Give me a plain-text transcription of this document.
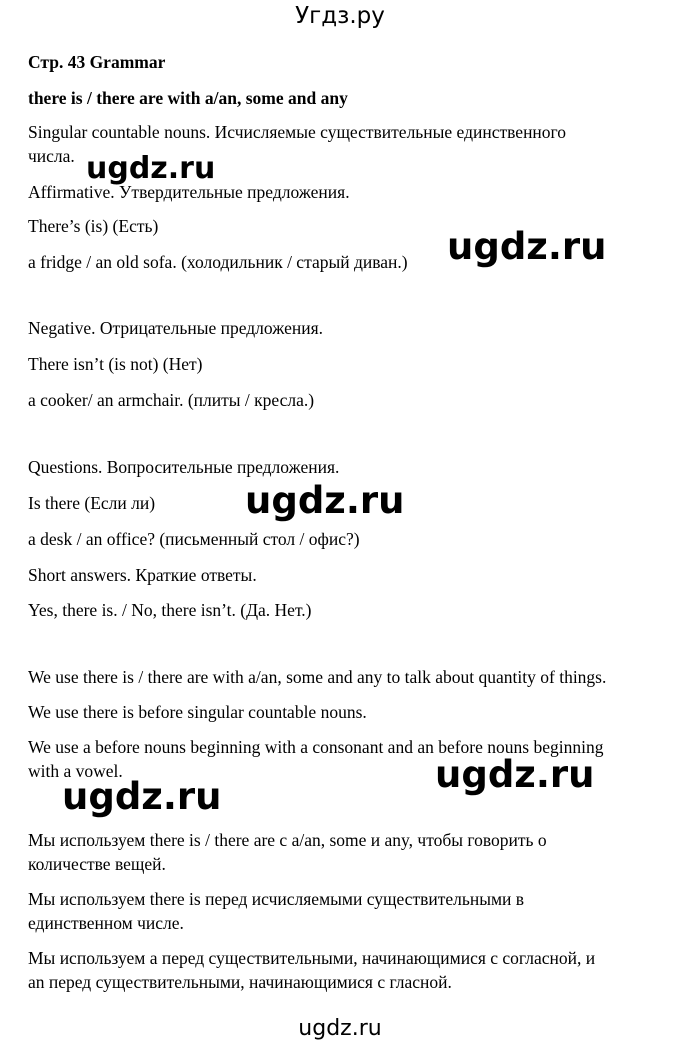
Угдз.ру
Стр. 43 Grammar
there is / there are with a/an, some and any
Singular countable nouns. Исчисляемые существительные единственного
числа.
Affirmative. Утвердительные предложения.
There’s (is) (Есть)
a fridge / an old sofa. (холодильник / старый диван.)
Negative. Отрицательные предложения.
There isn’t (is not) (Нет)
a cooker/ an armchair. (плиты / кресла.)
Questions. Вопросительные предложения.
Is there (Если ли)
a desk / an office? (письменный стол / офис?)
Short answers. Краткие ответы.
Yes, there is. / No, there isn’t. (Да. Нет.)
We use there is / there are with a/an, some and any to talk about quantity of things.
We use there is before singular countable nouns.
We use a before nouns beginning with a consonant and an before nouns beginning
with a vowel.
Мы используем there is / there are с a/an, some и any, чтобы говорить о
количестве вещей.
Мы используем there is перед исчисляемыми существительными в
единственном числе.
Мы используем a перед существительными, начинающимися с согласной, и
an перед существительными, начинающимися с гласной.
ugdz.ru
ugdz.ru
ugdz.ru
ugdz.ru
ugdz.ru
ugdz.ru
